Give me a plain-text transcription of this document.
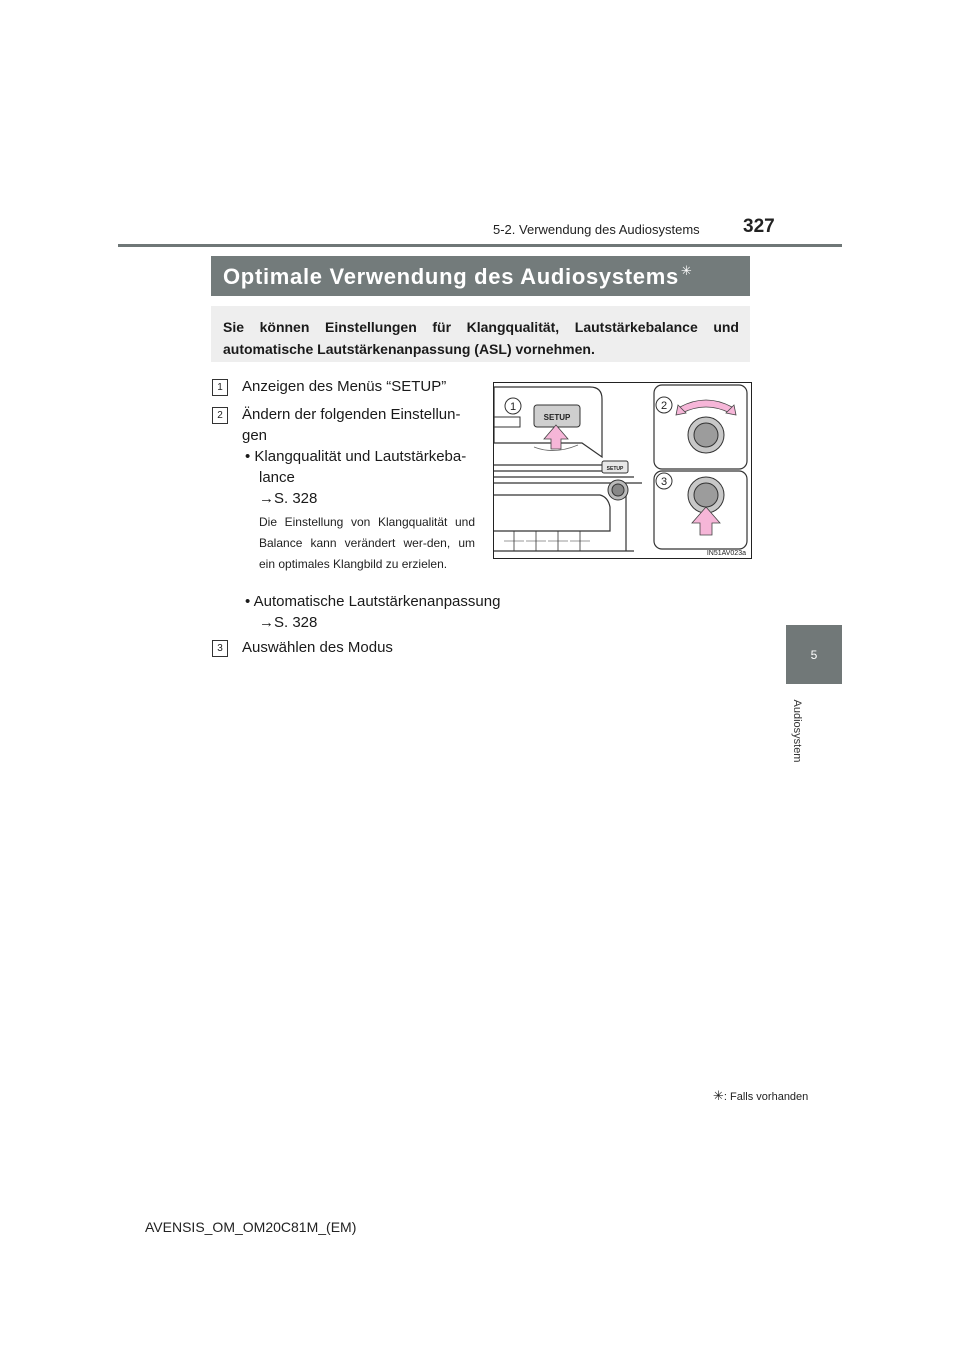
5-2. Verwendung des Audiosystems 327
5
Audiosystem
Optimale Verwendung des Audiosystems ✳
Sie können Einstellungen für Klangqualität, Lautstärkebalance und automatische Lautstärkenanpassung (ASL) vornehmen.
1	Anzeigen des Menüs “SETUP”
2	Ändern der folgenden Einstellun-
gen
• Klangqualität und Lautstärkeba-
lance
→S. 328
Die Einstellung von Klangqualität und Balance kann verändert wer-den, um ein optimales Klangbild zu erzielen.
• Automatische Lautstärkenanpassung
→S. 328
3	Auswählen des Modus
SETUP
SETUP
1	2
3
IN51AV023a
✳: Falls vorhanden
AVENSIS_OM_OM20C81M_(EM)
